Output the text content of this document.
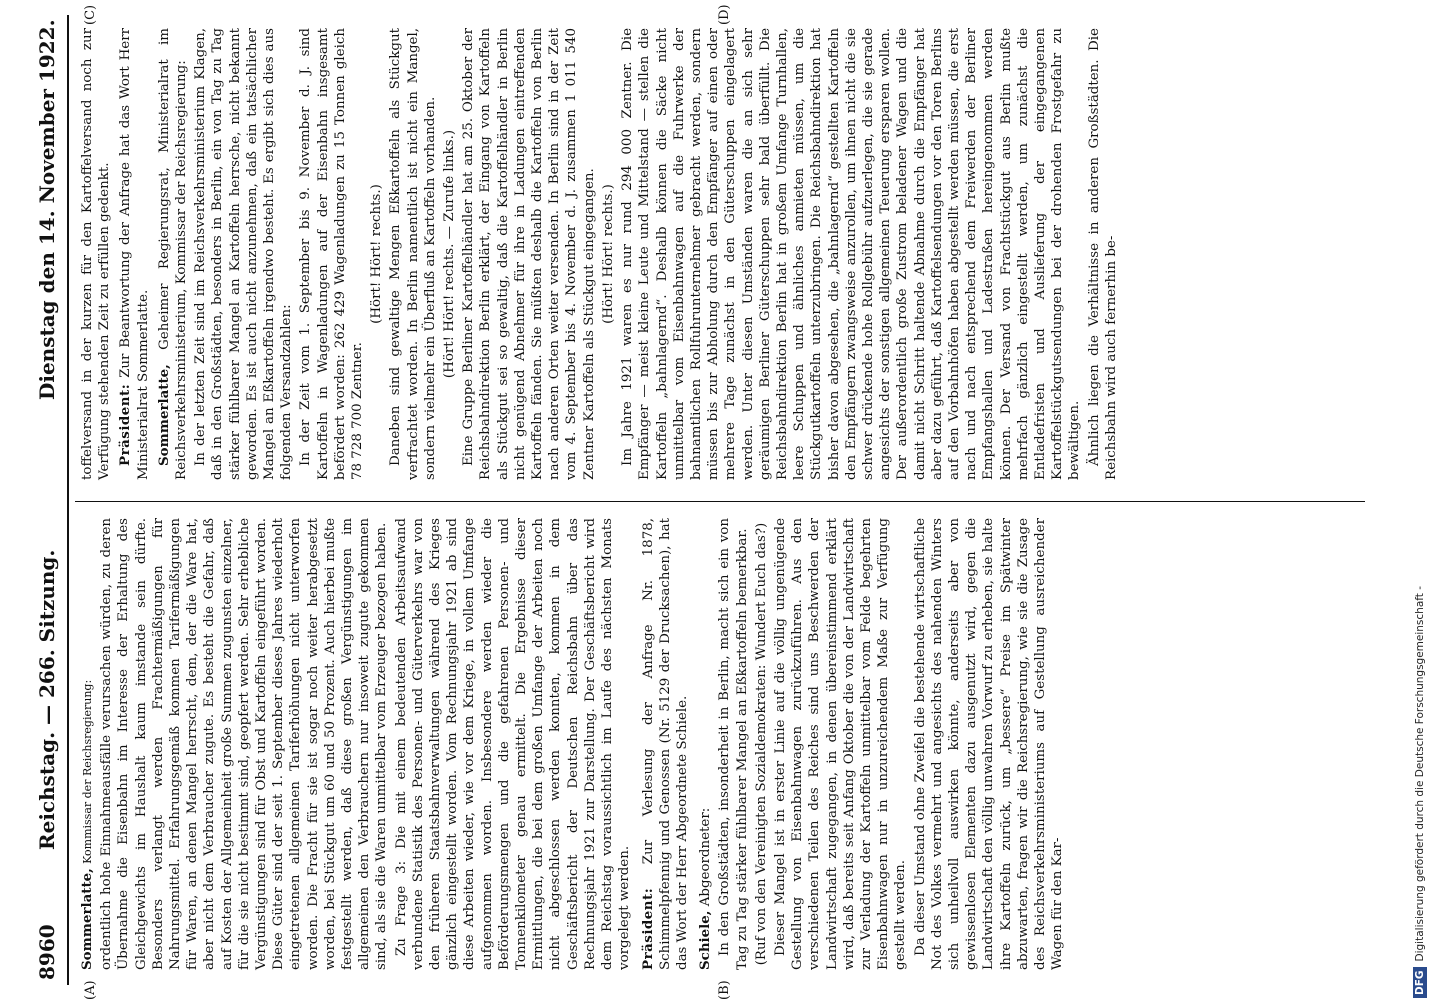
8960
Reichstag. — 266. Sitzung.
Dienstag den 14. November 1922.
(A)	(B)
(C)	(D)

Sommerlatte, Kommissar der Reichsregierung: ordentlich hohe Einnahmeausfälle verursachen würden, zu deren Übernahme die Eisenbahn im Interesse der Erhaltung des Gleichgewichts im Haushalt kaum imstande sein dürfte. Besonders verlangt werden Frachtermäßigungen für Nahrungsmittel. Erfahrungsgemäß kommen Tarifermäßigungen für Waren, an denen Mangel herrscht, dem, der die Ware hat, aber nicht dem Verbraucher zugute. Es besteht die Gefahr, daß auf Kosten der Allgemeinheit große Summen zugunsten einzelner, für die sie nicht bestimmt sind, geopfert werden. Sehr erhebliche Vergünstigungen sind für Obst und Kartoffeln eingeführt worden. Diese Güter sind der seit 1. September dieses Jahres wiederholt eingetretenen allgemeinen Tariferhöhungen nicht unterworfen worden. Die Fracht für sie ist sogar noch weiter herabgesetzt worden, bei Stückgut um 60 und 50 Prozent. Auch hierbei mußte festgestellt werden, daß diese großen Vergünstigungen im allgemeinen den Verbrauchern nur insoweit zugute gekommen sind, als sie die Waren unmittelbar vom Erzeuger bezogen haben. Zu Frage 3: Die mit einem bedeutenden Arbeitsaufwand verbundene Statistik des Personen- und Güterverkehrs war von den früheren Staatsbahnverwaltungen während des Krieges gänzlich eingestellt worden. Vom Rechnungsjahr 1921 ab sind diese Arbeiten wieder, wie vor dem Kriege, in vollem Umfange aufgenommen worden. Insbesondere werden wieder die Beförderungsmengen und die gefahrenen Personen- und Tonnenkilometer genau ermittelt. Die Ergebnisse dieser Ermittlungen, die bei dem großen Umfange der Arbeiten noch nicht abgeschlossen werden konnten, kommen in dem Geschäftsbericht der Deutschen Reichsbahn über das Rechnungsjahr 1921 zur Darstellung. Der Geschäftsbericht wird dem Reichstag voraussichtlich im Laufe des nächsten Monats vorgelegt werden. Präsident: Zur Verlesung der Anfrage Nr. 1878, Schimmelpfennig und Genossen (Nr. 5129 der Drucksachen), hat das Wort der Herr Abgeordnete Schiele. Schiele, Abgeordneter: In den Großstädten, insonderheit in Berlin, macht sich ein von Tag zu Tag stärker fühlbarer Mangel an Eßkartoffeln bemerkbar. (Ruf von den Vereinigten Sozialdemokraten: Wundert Euch das?) Dieser Mangel ist in erster Linie auf die völlig ungenügende Gestellung von Eisenbahnwagen zurückzuführen. Aus den verschiedenen Teilen des Reiches sind uns Beschwerden der Landwirtschaft zugegangen, in denen übereinstimmend erklärt wird, daß bereits seit Anfang Oktober die von der Landwirtschaft zur Verladung der Kartoffeln unmittelbar vom Felde begehrten Eisenbahnwagen nur in unzureichendem Maße zur Verfügung gestellt werden. Da dieser Umstand ohne Zweifel die bestehende wirtschaftliche Not des Volkes vermehrt und angesichts des nahenden Winters sich unheilvoll auswirken könnte, anderseits aber von gewissenlosen Elementen dazu ausgenutzt wird, gegen die Landwirtschaft den völlig unwahren Vorwurf zu erheben, sie halte ihre Kartoffeln zurück, um „bessere“ Preise im Spätwinter abzuwarten, fragen wir die Reichsregierung, wie sie die Zusage des Reichsverkehrsministeriums auf Gestellung ausreichender Wagen für den Kar-

toffelversand in der kurzen für den Kartoffelversand noch zur Verfügung stehenden Zeit zu erfüllen gedenkt. Präsident: Zur Beantwortung der Anfrage hat das Wort Herr Ministerialrat Sommerlatte. Sommerlatte, Geheimer Regierungsrat, Ministerialrat im Reichsverkehrsministerium, Kommissar der Reichsregierung: In der letzten Zeit sind im Reichsverkehrsministerium Klagen, daß in den Großstädten, besonders in Berlin, ein von Tag zu Tag stärker fühlbarer Mangel an Kartoffeln herrsche, nicht bekannt geworden. Es ist auch nicht anzunehmen, daß ein tatsächlicher Mangel an Eßkartoffeln irgendwo besteht. Es ergibt sich dies aus folgenden Versandzahlen: In der Zeit vom 1. September bis 9. November d. J. sind Kartoffeln in Wagenladungen auf der Eisenbahn insgesamt befördert worden: 262 429 Wagenladungen zu 15 Tonnen gleich 78 728 700 Zentner.

(Hört! Hört! rechts.) Daneben sind gewaltige Mengen Eßkartoffeln als Stückgut verfrachtet worden. In Berlin namentlich ist nicht ein Mangel, sondern vielmehr ein Überfluß an Kartoffeln vorhanden. (Hört! Hört! rechts. — Zurufe links.) Eine Gruppe Berliner Kartoffelhändler hat am 25. Oktober der Reichsbahndirektion Berlin erklärt, der Eingang von Kartoffeln als Stückgut sei so gewaltig, daß die Kartoffelhändler in Berlin nicht genügend Abnehmer für ihre in Ladungen eintreffenden Kartoffeln fänden. Sie müßten deshalb die Kartoffeln von Berlin nach anderen Orten weiter versenden. In Berlin sind in der Zeit vom 4. September bis 4. November d. J. zusammen 1 011 540 Zentner Kartoffeln als Stückgut eingegangen. (Hört! Hört! rechts.) Im Jahre 1921 waren es nur rund 294 000 Zentner. Die Empfänger — meist kleine Leute und Mittelstand — stellen die Kartoffeln „bahnlagernd“. Deshalb können die Säcke nicht unmittelbar vom Eisenbahnwagen auf die Fuhrwerke der bahnamtlichen Rollfuhrunternehmer gebracht werden, sondern müssen bis zur Abholung durch den Empfänger auf einen oder mehrere Tage zunächst in den Güterschuppen eingelagert werden. Unter diesen Umständen waren die an sich sehr geräumigen Berliner Güterschuppen sehr bald überfüllt. Die Reichsbahndirektion Berlin hat in großem Umfange Turnhallen, leere Schuppen und ähnliches anmieten müssen, um die Stückgutkartoffeln unterzubringen. Die Reichsbahndirektion hat bisher davon abgesehen, die „bahnlagernd“ gestellten Kartoffeln den Empfängern zwangsweise anzurollen, um ihnen nicht die sie schwer drückende hohe Rollgebühr aufzuerlegen, die sie gerade angesichts der sonstigen allgemeinen Teuerung ersparen wollen. Der außerordentlich große Zustrom beladener Wagen und die damit nicht Schritt haltende Abnahme durch die Empfänger hat aber dazu geführt, daß Kartoffelsendungen vor den Toren Berlins auf den Vorbahnhöfen haben abgestellt werden müssen, die erst nach und nach entsprechend dem Freiwerden der Berliner Empfangshallen und Ladestraßen hereingenommen werden können. Der Versand von Frachtstückgut aus Berlin mußte mehrfach gänzlich eingestellt werden, um zunächst die Entladefristen und Auslieferung der eingegangenen Kartoffelstückgutsendungen bei der drohenden Frostgefahr zu bewältigen. Ähnlich liegen die Verhältnisse in anderen Großstädten. Die Reichsbahn wird auch fernerhin be-

DFGDigitalisierung gefördert durch die Deutsche Forschungsgemeinschaft -
